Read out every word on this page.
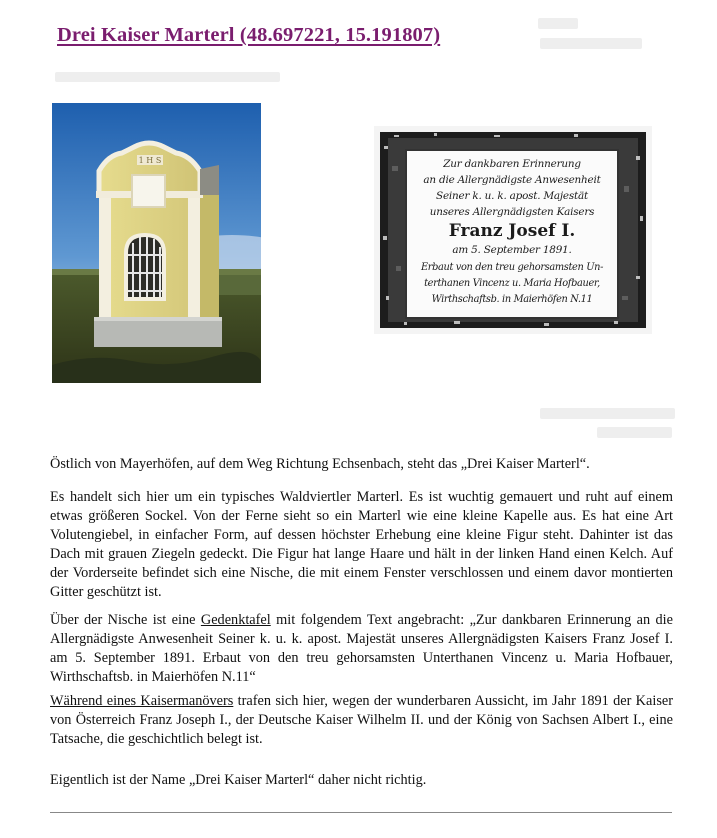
Drei Kaiser Marterl (48.697221, 15.191807)
1 H S	Zur dankbaren Erinnerung
an die Allergnädigste Anwesenheit
Seiner k. u. k. apost. Majestät
unseres Allergnädigsten Kaisers
Franz Josef I.
am 5. September 1891.
Erbaut von den treu gehorsamsten Un-
terthanen Vincenz u. Maria Hofbauer,
Wirthschaftsb. in Maierhöfen N.11

Östlich von Mayerhöfen, auf dem Weg Richtung Echsenbach, steht das „Drei Kaiser Marterl“.

Es handelt sich hier um ein typisches Waldviertler Marterl. Es ist wuchtig gemauert und ruht auf einem etwas größeren Sockel. Von der Ferne sieht so ein Marterl wie eine kleine Kapelle aus. Es hat eine Art Volutengiebel, in einfacher Form, auf dessen höchster Erhebung eine kleine Figur steht. Dahinter ist das Dach mit grauen Ziegeln gedeckt. Die Figur hat lange Haare und hält in der linken Hand einen Kelch. Auf der Vorderseite befindet sich eine Nische, die mit einem Fenster verschlossen und einem davor montierten Gitter geschützt ist.

Über der Nische ist eine Gedenktafel mit folgendem Text angebracht: „Zur dankbaren Erinnerung an die Allergnädigste Anwesenheit Seiner k. u. k. apost. Majestät unseres Allergnädigsten Kaisers Franz Josef I. am 5. September 1891. Erbaut von den treu gehorsamsten Unterthanen Vincenz u. Maria Hofbauer, Wirthschaftsb. in Maierhöfen N.11“

Während eines Kaisermanövers trafen sich hier, wegen der wunderbaren Aussicht, im Jahr 1891 der Kaiser von Österreich Franz Joseph I., der Deutsche Kaiser Wilhelm II. und der König von Sachsen Albert I., eine Tatsache, die geschichtlich belegt ist.

Eigentlich ist der Name „Drei Kaiser Marterl“ daher nicht richtig.
